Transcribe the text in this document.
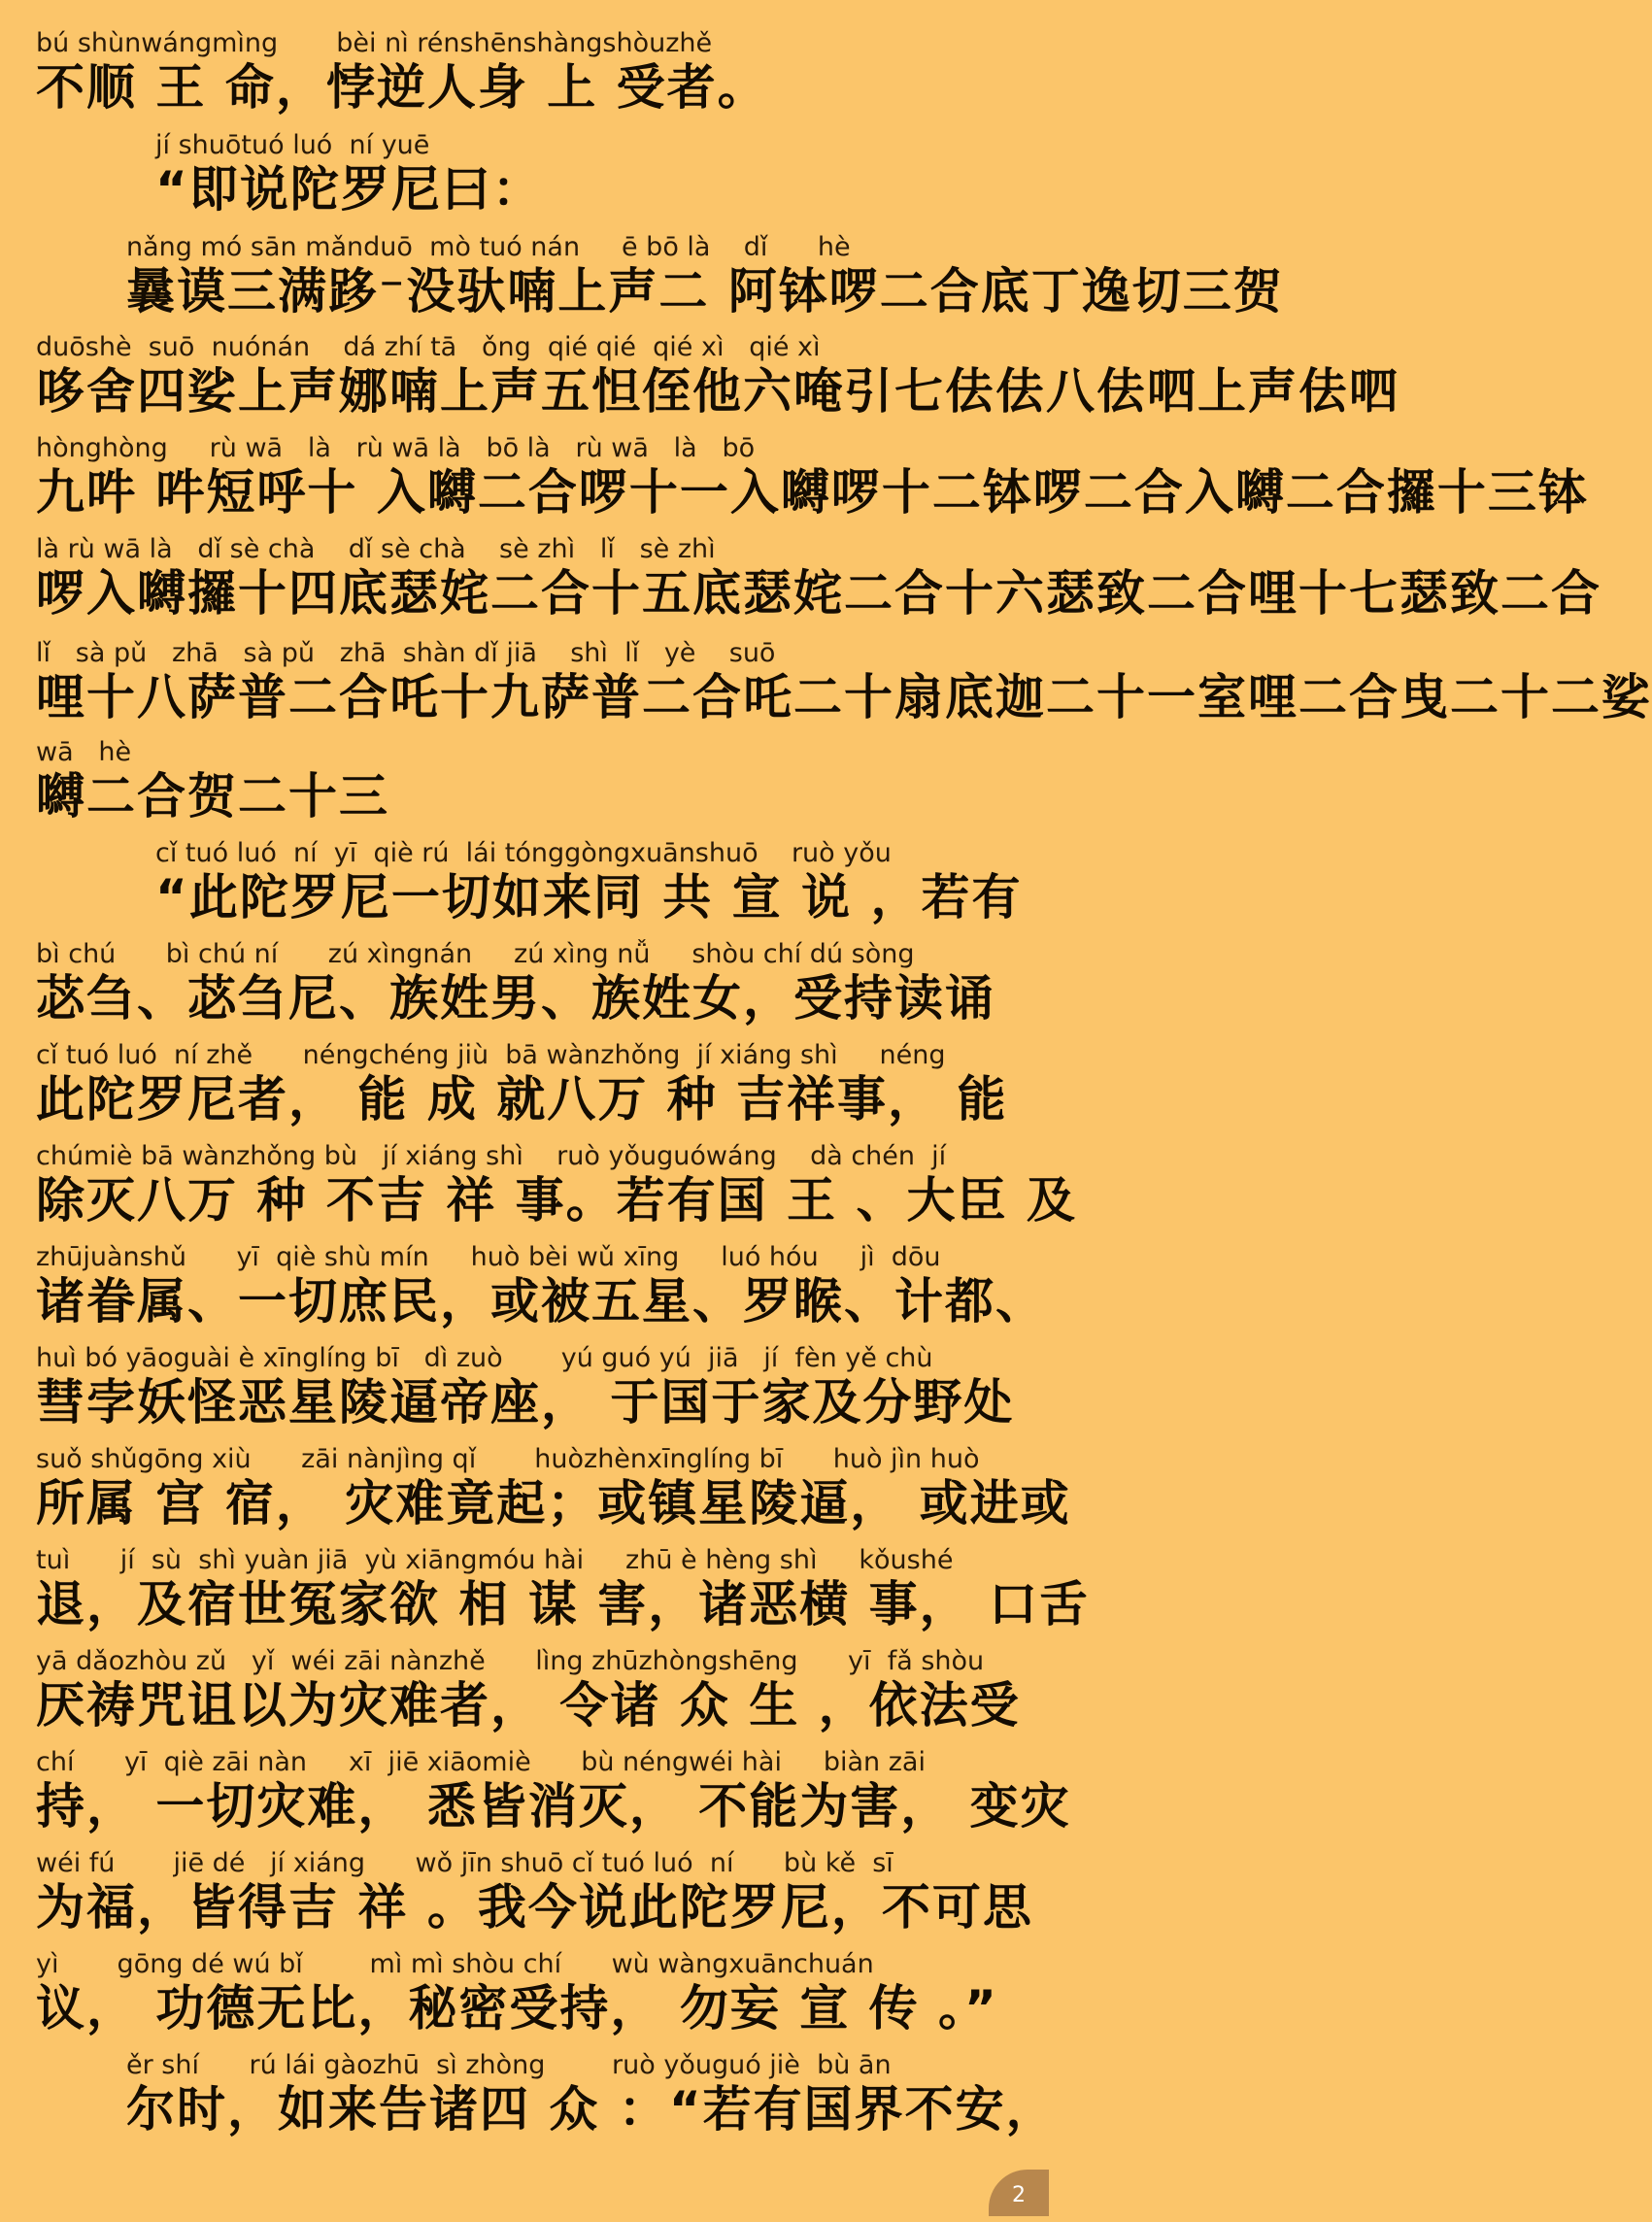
bú shùnwángmìng       bèi nì rénshēnshàngshòuzhě
不顺 王 命，悖逆人身 上 受者。
jí shuōtuó luó  ní yuē
“即说陀罗尼曰：
nǎng mó sān mǎnduō  mò tuó nán     ē bō là    dǐ      hè
曩谟三满跢⁻没驮喃上声二 阿钵啰二合底丁逸切三贺
duōshè  suō  nuónán    dá zhí tā   ǒng  qié qié  qié xì   qié xì
哆舍四娑上声娜喃上声五怛侄他六唵引七佉佉八佉呬上声佉呬
hònghòng     rù wā   là   rù wā là   bō là   rù wā   là   bō
九吽 吽短呼十 入嚩二合啰十一入嚩啰十二钵啰二合入嚩二合攞十三钵
là rù wā là   dǐ sè chà    dǐ sè chà    sè zhì   lǐ   sè zhì
啰入嚩攞十四底瑟姹二合十五底瑟姹二合十六瑟致二合哩十七瑟致二合
lǐ   sà pǔ   zhā   sà pǔ   zhā  shàn dǐ jiā    shì  lǐ   yè    suō
哩十八萨普二合吒十九萨普二合吒二十扇底迦二十一室哩二合曳二十二娑
wā   hè
嚩二合贺二十三
cǐ tuó luó  ní  yī  qiè rú  lái tónggòngxuānshuō    ruò yǒu
“此陀罗尼一切如来同 共 宣 说 ，若有
bì chú      bì chú ní      zú xìngnán     zú xìng nǚ     shòu chí dú sòng
苾刍、苾刍尼、族姓男、族姓女，受持读诵
cǐ tuó luó  ní zhě      néngchéng jiù  bā wànzhǒng  jí xiáng shì     néng
此陀罗尼者， 能 成 就八万 种 吉祥事， 能
chúmiè bā wànzhǒng bù   jí xiáng shì    ruò yǒuguówáng    dà chén  jí
除灭八万 种 不吉 祥 事。若有国 王 、大臣 及
zhūjuànshǔ      yī  qiè shù mín     huò bèi wǔ xīng     luó hóu     jì  dōu
诸眷属、一切庶民，或被五星、罗睺、计都、
huì bó yāoguài è xīnglíng bī   dì zuò       yú guó yú  jiā   jí  fèn yě chù
彗孛妖怪恶星陵逼帝座， 于国于家及分野处
suǒ shǔgōng xiù      zāi nànjìng qǐ       huòzhènxīnglíng bī      huò jìn huò
所属 宫 宿， 灾难竟起；或镇星陵逼， 或进或
tuì      jí  sù  shì yuàn jiā  yù xiāngmóu hài     zhū è hèng shì     kǒushé
退，及宿世冤家欲 相 谋 害，诸恶横 事， 口舌
yā dǎozhòu zǔ   yǐ  wéi zāi nànzhě      lìng zhūzhòngshēng      yī  fǎ shòu
厌祷咒诅以为灾难者， 令诸 众 生 ，依法受
chí      yī  qiè zāi nàn     xī  jiē xiāomiè      bù néngwéi hài     biàn zāi
持， 一切灾难， 悉皆消灭， 不能为害， 变灾
wéi fú       jiē dé   jí xiáng      wǒ jīn shuō cǐ tuó luó  ní      bù kě  sī
为福，皆得吉 祥 。我今说此陀罗尼，不可思
yì       gōng dé wú bǐ        mì mì shòu chí      wù wàngxuānchuán
议， 功德无比，秘密受持， 勿妄 宣 传 。”
ěr shí      rú lái gàozhū  sì zhòng        ruò yǒuguó jiè  bù ān
尔时，如来告诸四 众 ：“若有国界不安，
2
